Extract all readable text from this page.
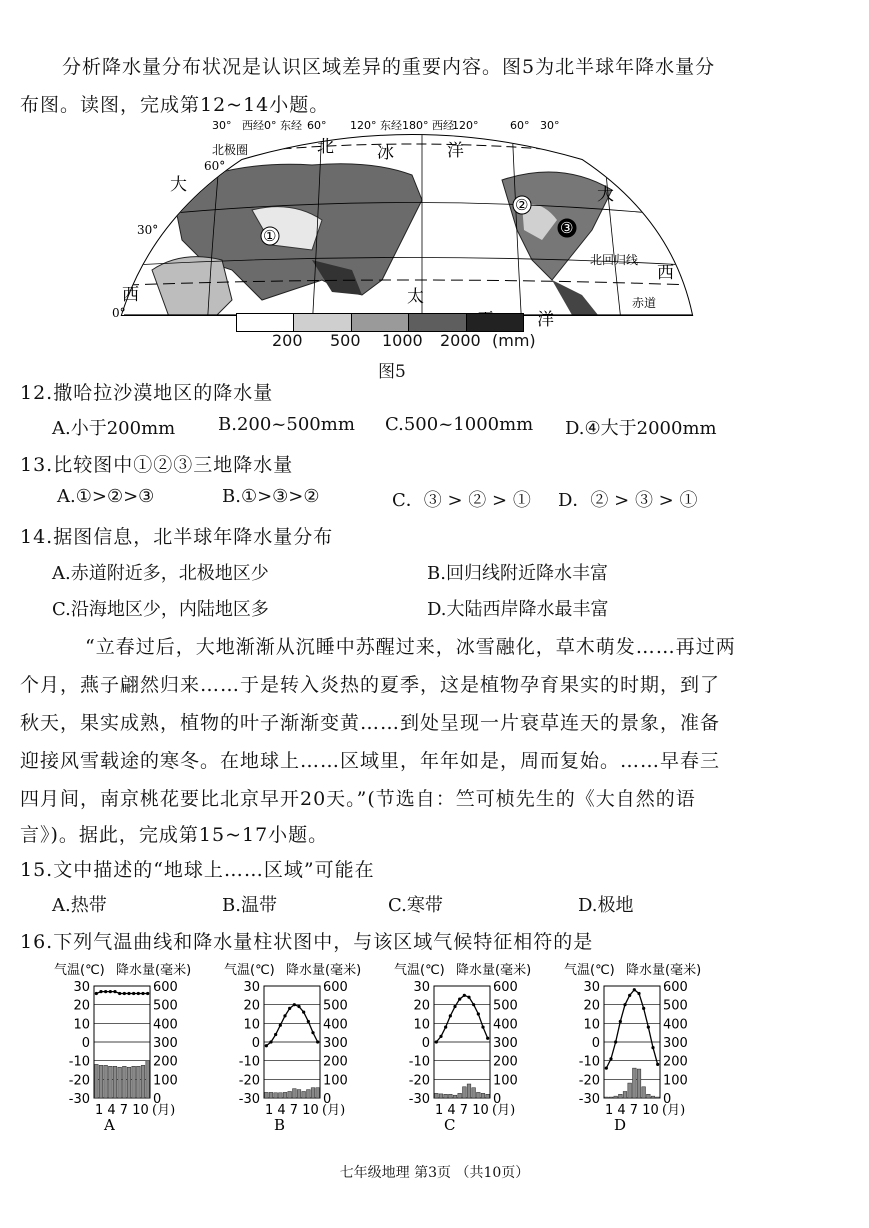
分析降水量分布状况是认识区域差异的重要内容。图5为北半球年降水量分
布图。读图，完成第12~14小题。
30° 西经0° 东经 60° 120° 东经180° 西经
120°	60° 30°
北	冰	洋
大
西	太
洋
大
西
北极圈
北回归线
赤道
60°
30°
0°
①
②
③
200 500 1000 2000 (mm)
图5
12.撒哈拉沙漠地区的降水量
A.小于200mm B.200~500mm C.500~1000mm D.④大于2000mm
13.比较图中①②③三地降水量
A.①>②>③	B.①>③>②	C．③ > ② > ① D．② > ③ > ①
14.据图信息，北半球年降水量分布
A.赤道附近多，北极地区少	B.回归线附近降水丰富
C.沿海地区少，内陆地区多	D.大陆西岸降水最丰富
“立春过后，大地渐渐从沉睡中苏醒过来，冰雪融化，草木萌发……再过两
个月，燕子翩然归来……于是转入炎热的夏季，这是植物孕育果实的时期，到了
秋天，果实成熟，植物的叶子渐渐变黄……到处呈现一片衰草连天的景象，准备
迎接风雪载途的寒冬。在地球上……区域里，年年如是，周而复始。……早春三
四月间，南京桃花要比北京早开20天。”(节选自：竺可桢先生的《大自然的语
言》)。据此，完成第15~17小题。
15.文中描述的“地球上……区域”可能在
A.热带	B.温带	C.寒带	D.极地
16.下列气温曲线和降水量柱状图中，与该区域气候特征相符的是
气温(℃) 降水量(毫米)
30	600
20	500
10	400
0	300
-10	200
-20	100
-30	0
1 4 7 10 (月)
A
气温(℃) 降水量(毫米)
30	600
20	500
10	400
0	300
-10	200
-20	100
-30	0
1 4 7 10 (月)
B
气温(℃) 降水量(毫米)
30	600
20	500
10	400
0	300
-10	200
-20	100
-30	0
1 4 7 10 (月)
C
气温(℃) 降水量(毫米)
30	600
20	500
10	400
0	300
-10	200
-20	100
-30	0
1 4 7 10 (月)
D
七年级地理 第3页 （共10页）
